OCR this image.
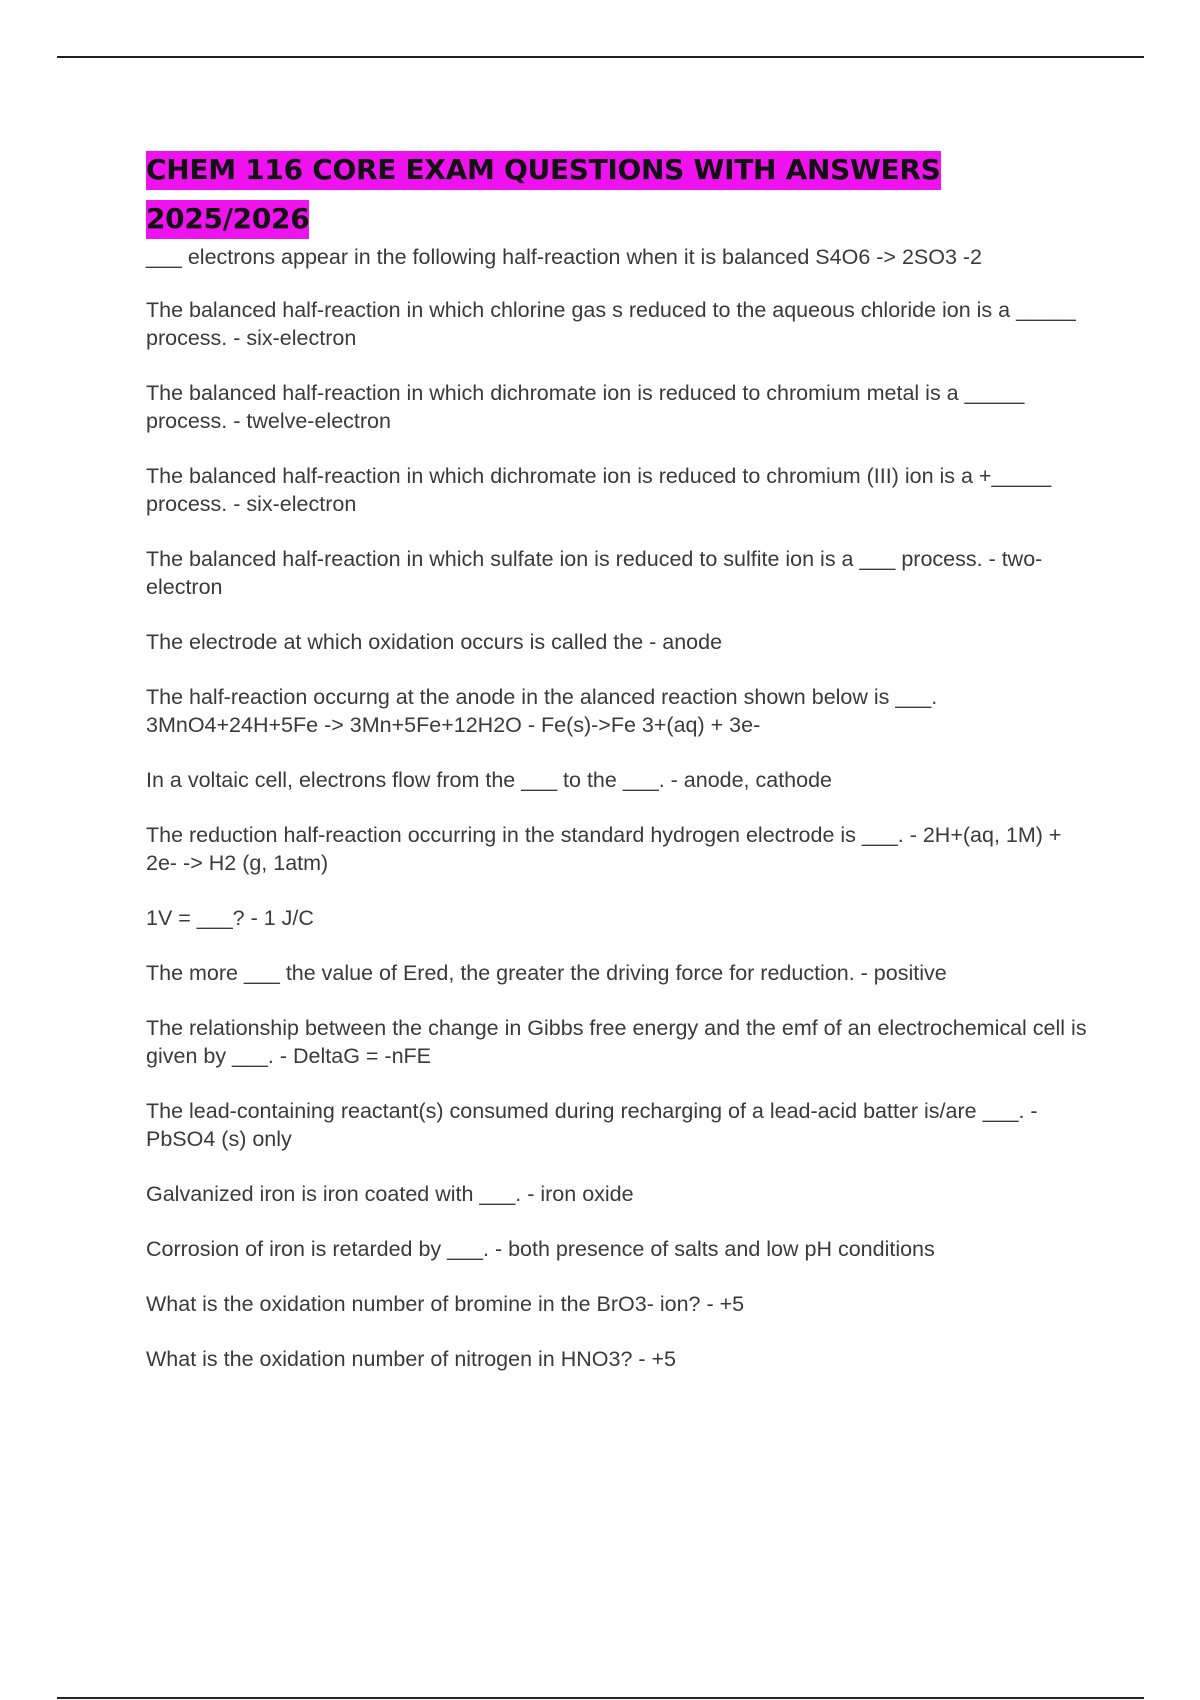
CHEM 116 CORE EXAM QUESTIONS WITH ANSWERS 2025/2026
___ electrons appear in the following half-reaction when it is balanced S4O6 -> 2SO3 -2
The balanced half-reaction in which chlorine gas s reduced to the aqueous chloride ion is a _____ process. - six-electron
The balanced half-reaction in which dichromate ion is reduced to chromium metal is a _____ process. - twelve-electron
The balanced half-reaction in which dichromate ion is reduced to chromium (III) ion is a +_____ process. - six-electron
The balanced half-reaction in which sulfate ion is reduced to sulfite ion is a ___ process. - two-electron
The electrode at which oxidation occurs is called the - anode
The half-reaction occurng at the anode in the alanced reaction shown below is ___. 3MnO4+24H+5Fe -> 3Mn+5Fe+12H2O - Fe(s)->Fe 3+(aq) + 3e-
In a voltaic cell, electrons flow from the ___ to the ___. - anode, cathode
The reduction half-reaction occurring in the standard hydrogen electrode is ___. - 2H+(aq, 1M) + 2e- -> H2 (g, 1atm)
1V = ___? - 1 J/C
The more ___ the value of Ered, the greater the driving force for reduction. - positive
The relationship between the change in Gibbs free energy and the emf of an electrochemical cell is given by ___. - DeltaG = -nFE
The lead-containing reactant(s) consumed during recharging of a lead-acid batter is/are ___. - PbSO4 (s) only
Galvanized iron is iron coated with ___. - iron oxide
Corrosion of iron is retarded by ___. - both presence of salts and low pH conditions
What is the oxidation number of bromine in the BrO3- ion? - +5
What is the oxidation number of nitrogen in HNO3? - +5
